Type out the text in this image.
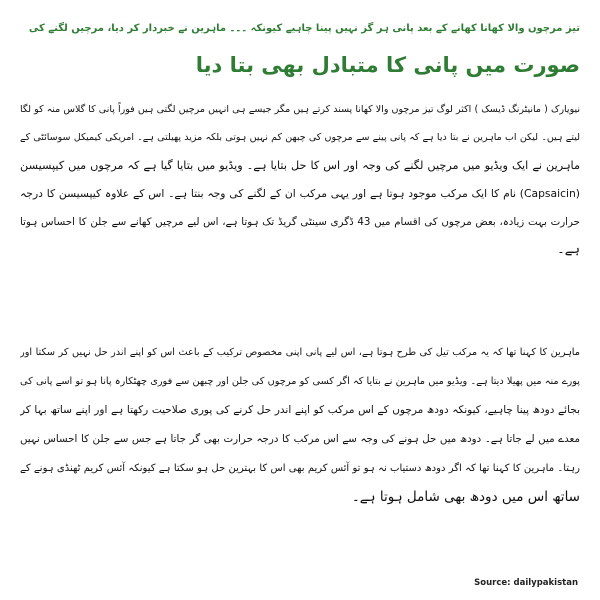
تیز مرچوں والا کھانا کھانے کے بعد پانی ہر گز نہیں پینا چاہیے کیونکہ ۔۔۔ ماہرین نے خبردار کر دیا، مرچیں لگنے کی
صورت میں پانی کا متبادل بھی بتا دیا

نیویارک ( مانیٹرنگ ڈیسک ) اکثر لوگ تیز مرچوں والا کھانا پسند کرتے ہیں مگر جیسے ہی انہیں مرچیں لگتی ہیں فوراً پانی کا گلاس منہ کو لگا
لیتے ہیں۔ لیکن اب ماہرین نے بتا دیا ہے کہ پانی پینے سے مرچوں کی چبھن کم نہیں ہوتی بلکہ مزید پھیلتی ہے۔ امریکی کیمیکل سوسائٹی کے
ماہرین نے ایک ویڈیو میں مرچیں لگنے کی وجہ اور اس کا حل بتایا ہے۔ ویڈیو میں بتایا گیا ہے کہ مرچوں میں کیپسیسن
(Capsaicin) نام کا ایک مرکب موجود ہوتا ہے اور یہی مرکب ان کے لگنے کی وجہ بنتا ہے۔ اس کے علاوہ کیپسیسن کا درجہ
حرارت بہت زیادہ، بعض مرچوں کی اقسام میں 43 ڈگری سینٹی گریڈ تک ہوتا ہے، اس لیے مرچیں کھانے سے جلن کا احساس ہوتا
ہے۔

ماہرین کا کہنا تھا کہ یہ مرکب تیل کی طرح ہوتا ہے، اس لیے پانی اپنی مخصوص ترکیب کے باعث اس کو اپنے اندر حل نہیں کر سکتا اور
پورے منہ میں پھیلا دیتا ہے۔ ویڈیو میں ماہرین نے بتایا کہ اگر کسی کو مرچوں کی جلن اور چبھن سے فوری چھٹکارہ پانا ہو تو اسے پانی کی
بجائے دودھ پینا چاہیے، کیونکہ دودھ مرچوں کے اس مرکب کو اپنے اندر حل کرنے کی پوری صلاحیت رکھتا ہے اور اپنے ساتھ بہا کر
معدے میں لے جاتا ہے۔ دودھ میں حل ہونے کی وجہ سے اس مرکب کا درجہ حرارت بھی گر جاتا ہے جس سے جلن کا احساس نہیں
رہتا۔ ماہرین کا کہنا تھا کہ اگر دودھ دستیاب نہ ہو تو آئس کریم بھی اس کا بہترین حل ہو سکتا ہے کیونکہ آئس کریم ٹھنڈی ہونے کے
ساتھ اس میں دودھ بھی شامل ہوتا ہے۔

Source: dailypakistan
